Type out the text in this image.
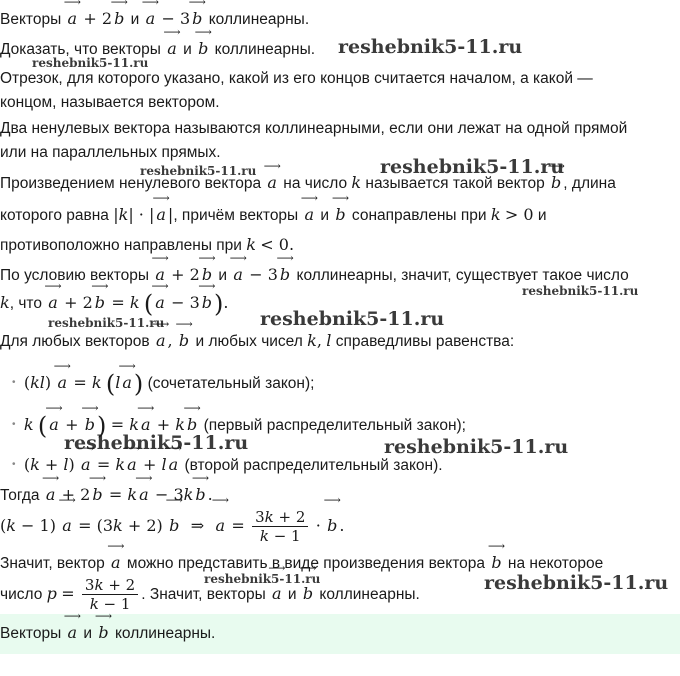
reshebnik5-11.ru
reshebnik5-11.ru
reshebnik5-11.ru	reshebnik5-11.ru
reshebnik5-11.ru
reshebnik5-11.ru	reshebnik5-11.ru
reshebnik5-11.ru	reshebnik5-11.ru
reshebnik5-11.ru	reshebnik5-11.ru
Векторы ⟶ a + 2 ⟶ b и ⟶ a − 3 ⟶ b коллинеарны.
Доказать, что векторы ⟶ a и ⟶ b коллинеарны.
Отрезок, для которого указано, какой из его концов считается началом, а какой —
концом, называется вектором.
Два ненулевых вектора называются коллинеарными, если они лежат на одной прямой
или на параллельных прямых.
Произведением ненулевого вектора ⟶ a на число k называется такой вектор ⟶ b , длина
которого равна |k| · | ⟶ a |, причём векторы ⟶ a и ⟶ b сонаправлены при k > 0 и
противоположно направлены при k < 0.
По условию векторы ⟶ a + 2 ⟶ b и ⟶ a − 3 ⟶ b коллинеарны, значит, существует такое число
k, что ⟶ a + 2 ⟶ b = k ( ⟶ a − 3 ⟶ b).
Для любых векторов ⟶ a , ⟶ b и любых чисел k, l справедливы равенства:
• (kl) ⟶ a = k (l ⟶ a) (сочетательный закон);
• k ( ⟶ a + ⟶ b) = k ⟶ a + k ⟶ b (первый распределительный закон);
• (k + l) ⟶ a = k ⟶ a + l ⟶ a (второй распределительный закон).
Тогда ⟶ a + 2 ⟶ b = k ⟶ a − 3k ⟶ b .
(k − 1) ⟶ a = (3k + 2) ⟶ b  ⇒  ⟶ $a = \frac{3k + 2}{k - 1}$ · ⟶ b .
Значит, вектор ⟶ a можно представить в виде произведения вектора ⟶ b на некоторое
число $p = \frac{3k + 2}{k - 1}$ . Значит, векторы ⟶ a и ⟶ b коллинеарны.
Векторы ⟶ a и ⟶ b коллинеарны.
